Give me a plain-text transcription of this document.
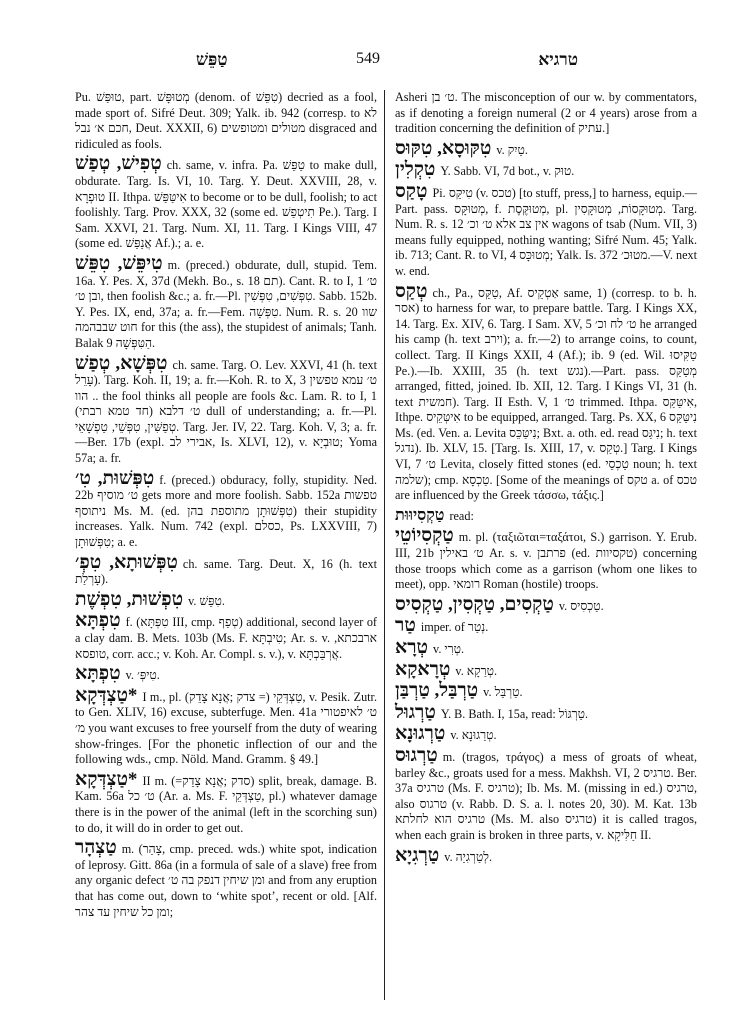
טַפֵּשׁ	549	טרגיא

Pu. טוּפַּשׁ, part. מְטוּפָּשׁ (denom. of טִפֵּשׁ) decried as a fool, made sport of. Sifré Deut. 309; Yalk. ib. 942 (corresp. to לא חכם א׳ נבל, Deut. XXXII, 6) מטולים ומטופשים disgraced and ridiculed as fools.

טְפִישׁ, טְפַשׁ ch. same, v. infra. Pa. טַפֵּשׁ to make dull, obdurate. Targ. Is. VI, 10. Targ. Y. Deut. XXVIII, 28, v. טוּפְרָא II. Ithpa. אִיטַּפַּשׁ to become or to be dull, foolish; to act foolishly. Targ. Prov. XXX, 32 (some ed. תִיטְפַשׁ Pe.). Targ. I Sam. XXVI, 21. Targ. Num. XI, 11. Targ. I Kings VIII, 47 (some ed. אֲנַפַּשׁ Af.).; a. e.

טִיפֵּשׁ, טִפֵּשׁ m. (preced.) obdurate, dull, stupid. Tem. 16a. Y. Pes. X, 37d (Mekh. Bo., s. 18 תם). Cant. R. to I, 1 ט׳ ובן ט׳, then foolish &c.; a. fr.—Pl. טִפְּשִׁים, טִפְּשִׁין. Sabb. 152b. Y. Pes. IX, end, 37a; a. fr.—Fem. טִפְּשָׁה. Num. R. s. 20 שוו חוט שבבהמה for this (the ass), the stupidest of animals; Tanh. Balak 9 הַטִּפְּשָׁה.

טִפְּשָׁא, טְפַשׁ ch. same. Targ. O. Lev. XXVI, 41 (h. text עָרֵל). Targ. Koh. II, 19; a. fr.—Koh. R. to X, 3 ט׳ עמא טפשין הוו .. the fool thinks all people are fools &c. Lam. R. to I, 1 (חד טמא רבתי) ט׳ דלבא dull of understanding; a. fr.—Pl. טְפַשִּׁין, טִפְּשֵׁי, טַפְשָׁאֵי. Targ. Jer. IV, 22. Targ. Koh. V, 3; a. fr.—Ber. 17b (expl. אבירי לב, Is. XLVI, 12), v. טוּבְיָא; Yoma 57a; a. fr.

טִפְּשׁוּת, טִ׳ f. (preced.) obduracy, folly, stupidity. Ned. 22b ט׳ מוסיף gets more and more foolish. Sabb. 152a טפשות ניתוסף Ms. M. (ed. טִפְּשׁוּתָן מתוספת בהן) their stupidity increases. Yalk. Num. 742 (expl. כסלם, Ps. LXXVIII, 7) טִפְּשׁוּתָן; a. e.

טִפְּשׁוּתָא, טִפְ׳ ch. same. Targ. Deut. X, 16 (h. text עָרְלַת).

טִפְשׁוּת, טִפְשֶׁת v. טִפֵּשׁ.

טִפְתָּא f. (טִפְּתָּא III, cmp. טְפַף) additional, second layer of a clay dam. B. Mets. 103b (Ms. F. טִיבְתָּא; Ar. s. v. ארבכתא, טופסא, corr. acc.; v. Koh. Ar. Compl. s. v.), v. אֲרְבַּכְתָּא.

טִפְתָּא v. טִיפְּ׳.

*טַצְדְּקָא I m., pl. טַצְדְּקֵי (= צדק ;אֲנָא צָדֵק), v. Pesik. Zutr. to Gen. XLIV, 16) excuse, subterfuge. Men. 41a ט׳ לאיפטורי מ׳ you want excuses to free yourself from the duty of wearing show-fringes. [For the phonetic inflection of our and the following wds., cmp. Nöld. Mand. Gramm. § 49.]

*טַצְדְּקָא II m. (=סדק ;אֲנָא צָדֵק) split, break, damage. B. Kam. 56a ט׳ כל (Ar. a. Ms. F. טַצְדְּקֵי, pl.) whatever damage there is in the power of the animal (left in the scorching sun) to do, it will do in order to get out.

טַצְהָר m. (צָהַר, cmp. preced. wds.) white spot, indication of leprosy. Gitt. 86a (in a formula of sale of a slave) free from any organic defect ומן שיחין דנפק בה ט׳ and from any eruption that has come out, down to ‘white spot’, recent or old. [Alf. ומן כל שיחין עד צהר;

Asheri ט׳ בן. The misconception of our w. by commentators, as if denoting a foreign numeral (2 or 4 years) arose from a tradition concerning the definition of עתיק.]

טִקּוּסָא, טִקּוּס v. טַיִק.

טִקְלִין Y. Sabb. VI, 7d bot., v. טוּק.

טָקַס Pi. טִיקֵּס (v. טכס) [to stuff, press,] to harness, equip.—Part. pass. מְטוּקָּס, f. מְטוּקֶּסֶת, pl. מְטוּקָּסוֹת, מְטוּקָּסִין. Targ. Num. R. s. 12 אין צב אלא ט׳ וכ׳ wagons of tsab (Num. VII, 3) means fully equipped, nothing wanting; Sifré Num. 45; Yalk. ib. 713; Cant. R. to VI, 4 מְטוּכָּס; Yalk. Is. 372 מטוּכ׳.—V. next w. end.

טְקַס ch., Pa., טַקֵּס, Af. אַטְקֵיס same, 1) (corresp. to b. h. אסר) to harness for war, to prepare battle. Targ. I Kings XX, 14. Targ. Ex. XIV, 6. Targ. I Sam. XV, 5 ט׳ לח וכ׳ he arranged his camp (h. text וירב); a. fr.—2) to arrange coins, to count, collect. Targ. II Kings XXII, 4 (Af.); ib. 9 (ed. Wil. טַקִּיסוּ Pe.).—Ib. XXIII, 35 (h. text נגש).—Part. pass. מְטַקַּס arranged, fitted, joined. Ib. XII, 12. Targ. I Kings VI, 31 (h. text חמשית). Targ. II Esth. V, 1 ט׳ trimmed. Ithpa. אִיטַּקַּס, Ithpe. אִיטְּקֵיס to be equipped, arranged. Targ. Ps. XX, 6 נִיטַּקַּס Ms. (ed. Ven. a. Levita נִיטַּכֵּס; Bxt. a. oth. ed. read נִיגַּס; h. text נדגל). Ib. XLV, 15. [Targ. Is. XIII, 17, v. טְקַס.] Targ. I Kings VI, 7 ט׳ Levita, closely fitted stones (ed. טַכְסֵי noun; h. text שלמה); cmp. טַכְסָא. [Some of the meanings of טקס a. of טכס are influenced by the Greek τάσσω, τάξις.]

טַקְסִיוּוּת read:

טַקְסִיוֹטֵי m. pl. (ταξιῶται=ταξάτοι, S.) garrison. Y. Erub. III, 21b ט׳ באילין Ar. s. v. פרתבן (ed. טקסיוות) concerning those troops which come as a garrison (whom one likes to meet), opp. רומאי Roman (hostile) troops.

טַקְסִים, טַקְסִין, טַקְסִיס v. טַכְסִיס.

טַר imper. of נְטַר.

טְרָא v. טְרִי.

טְרָאקָא v. טְרַקָא.

טַרְבַּל, טַרְבַּן v. טַרְבַּל.

טַרְגוּל Y. B. Bath. I, 15a, read: טַרְגּוֹל.

טַרְגוּנָא v. טְרַגוּנָא.

טַרְגוּס m. (tragos, τράγος) a mess of groats of wheat, barley &c., groats used for a mess. Makhsh. VI, 2 טרגיס. Ber. 37a טרגיס (Ms. F. טרגיס); Ib. Ms. M. (missing in ed.) טרגיס, also טרגוס (v. Rabb. D. S. a. l. notes 20, 30). M. Kat. 13b טרגיס הוא לחלתא (Ms. M. also טרגיס) it is called tragos, when each grain is broken in three parts, v. חַלִּיקָא II.

טַרְגִיָא v. לְטַרְגִיַה.
